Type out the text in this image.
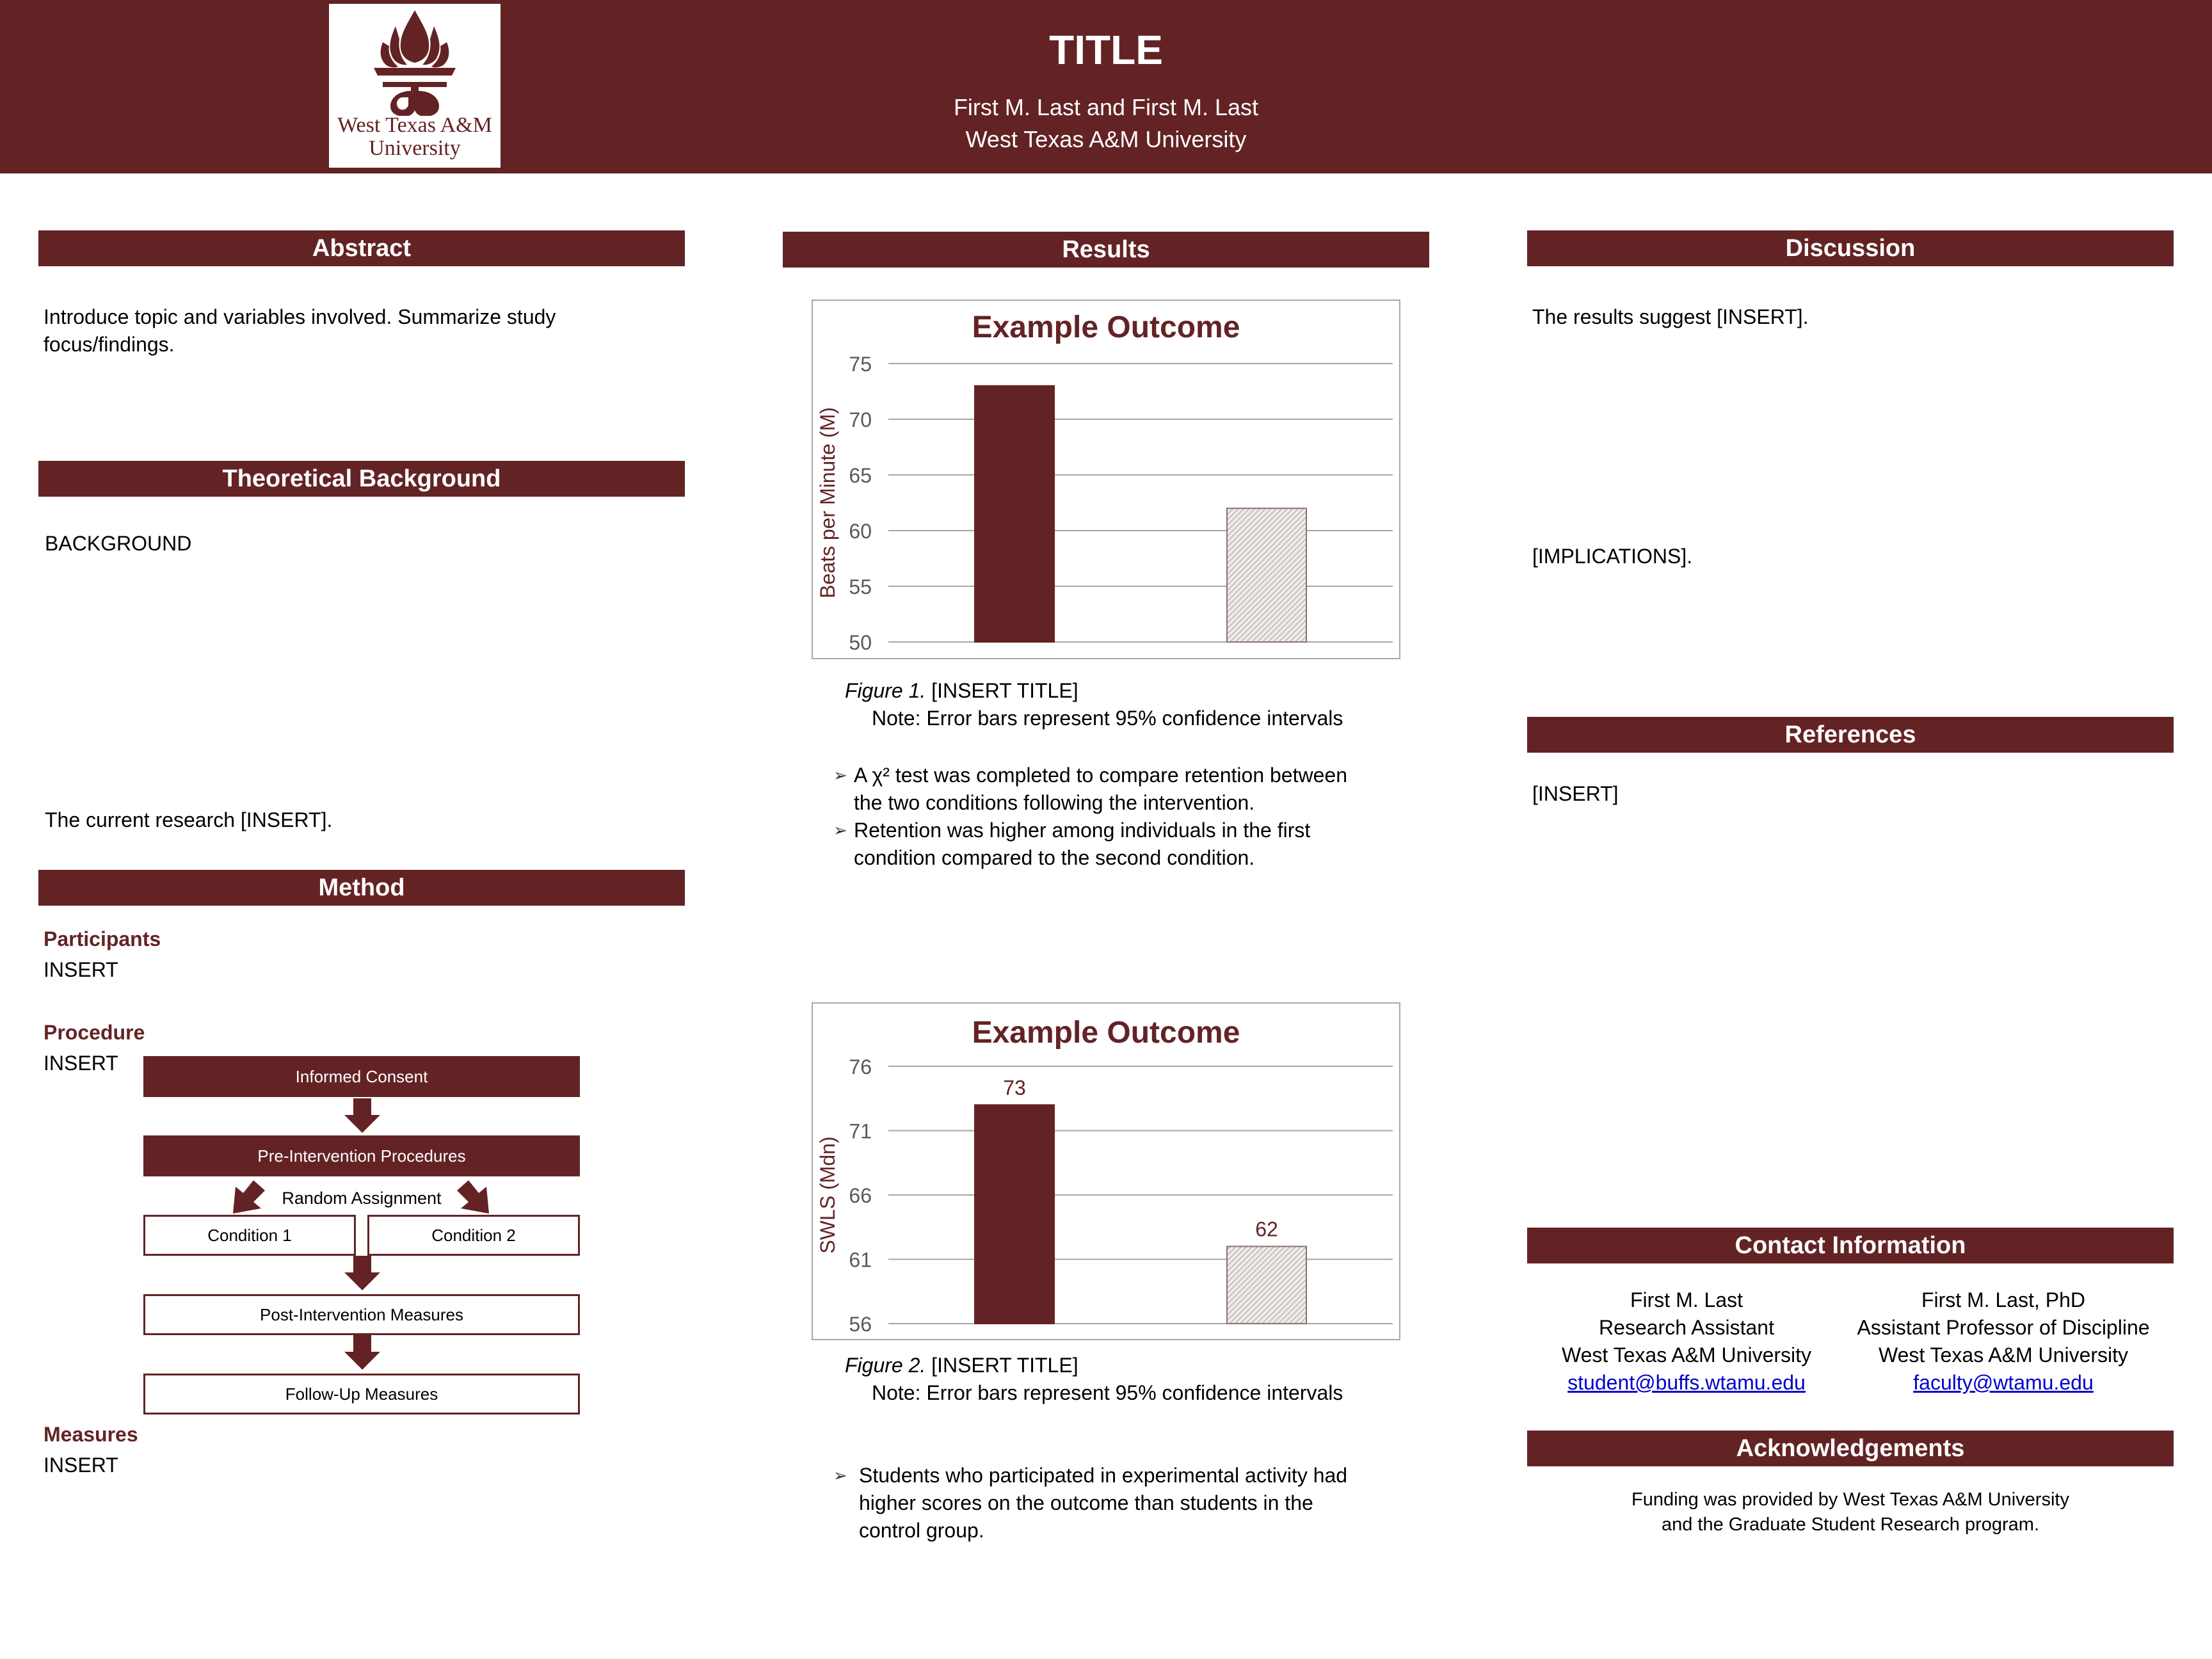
West Texas A&M
University
TITLE
First M. Last and First M. Last
West Texas A&M University
Abstract
Introduce topic and variables involved. Summarize study
focus/findings.
Theoretical Background
BACKGROUND
The current research [INSERT].
Method
Participants
INSERT
Procedure
INSERT
Informed Consent
Pre-Intervention Procedures
Random Assignment
Condition 1	Condition 2
Post-Intervention Measures
Follow-Up Measures
Measures
INSERT
Results
Example Outcome
50
55
60
65
70
75
Beats per Minute (M)
Figure 1. [INSERT TITLE]
Note: Error bars represent 95% confidence intervals
➢ A χ² test was completed to compare retention between
the two conditions following the intervention.
➢ Retention was higher among individuals in the first
condition compared to the second condition.
Example Outcome
56
61
66
71
76
SWLS (Mdn)
73
62
Figure 2. [INSERT TITLE]
Note: Error bars represent 95% confidence intervals
➢ Students who participated in experimental activity had
higher scores on the outcome than students in the
control group.
Discussion
The results suggest [INSERT].
[IMPLICATIONS].
References
[INSERT]
Contact Information
First M. Last
Research Assistant
West Texas A&M University
student@buffs.wtamu.edu
First M. Last, PhD
Assistant Professor of Discipline
West Texas A&M University
faculty@wtamu.edu
Acknowledgements
Funding was provided by West Texas A&M University
and the Graduate Student Research program.
